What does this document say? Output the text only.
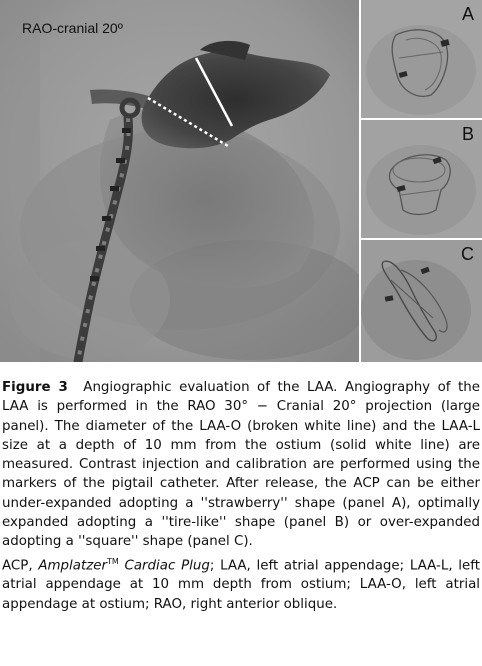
RAO-cranial 20º
A
B
C

Figure 3 Angiographic evaluation of the LAA. Angiography of the LAA is performed in the RAO 30° − Cranial 20° projection (large panel). The diameter of the LAA-O (broken white line) and the LAA-L size at a depth of 10 mm from the ostium (solid white line) are measured. Contrast injection and calibration are performed using the markers of the pigtail catheter. After release, the ACP can be either under-expanded adopting a ''strawberry'' shape (panel A), optimally expanded adopting a ''tire-like'' shape (panel B) or over-expanded adopting a ''square'' shape (panel C).

ACP, Amplatzer™ Cardiac Plug; LAA, left atrial appendage; LAA-L, left atrial appendage at 10 mm depth from ostium; LAA-O, left atrial appendage at ostium; RAO, right anterior oblique.
